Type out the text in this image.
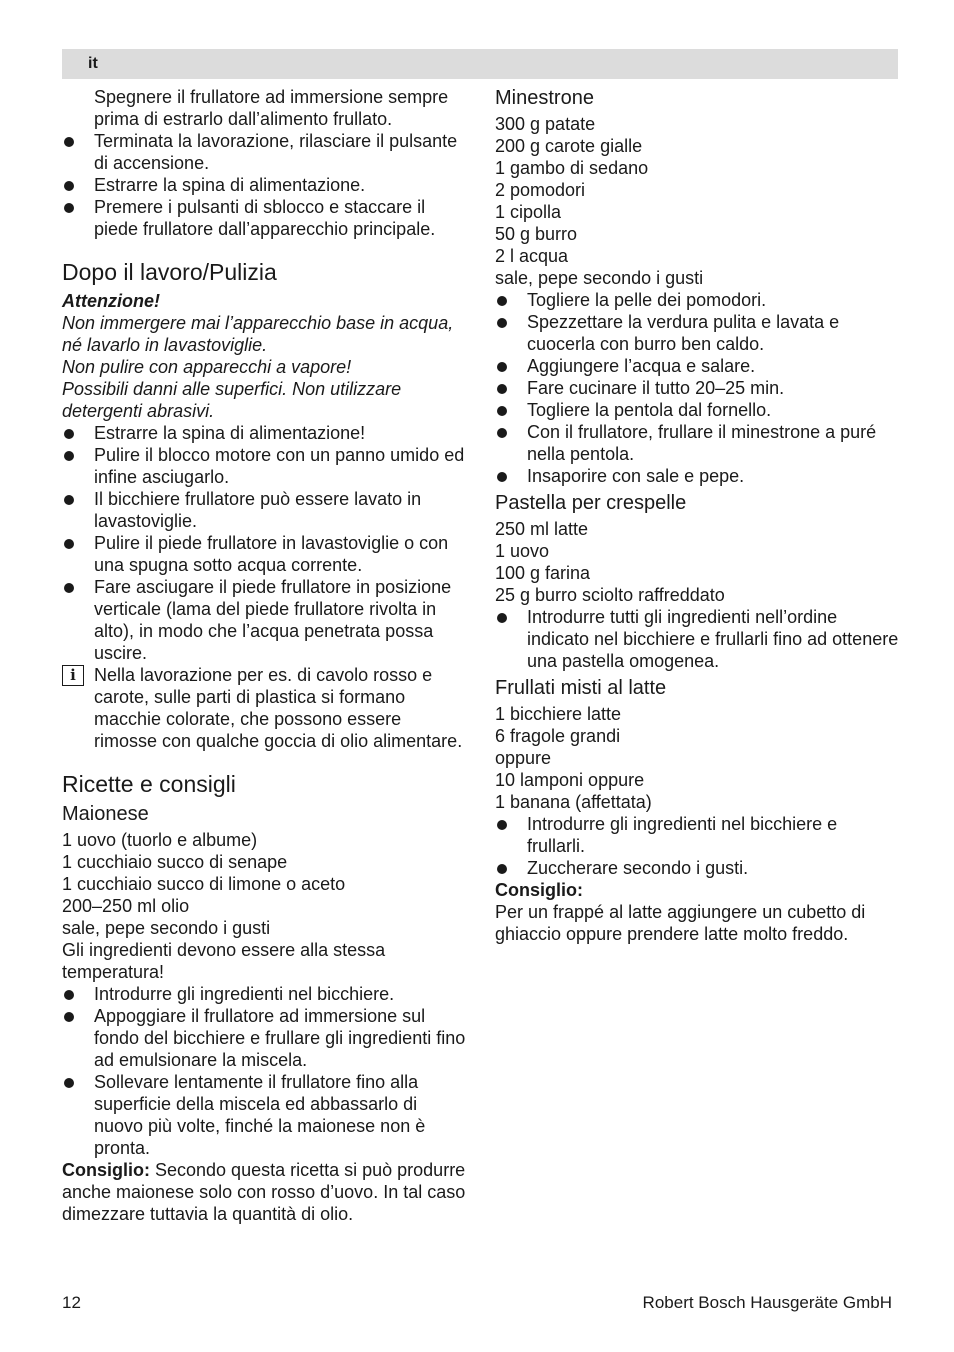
it

Spegnere il frullatore ad immersione sempre prima di estrarlo dall’alimento frullato.

Terminata la lavorazione, rilasciare il pulsante di accensione.
Estrarre la spina di alimentazione.
Premere i pulsanti di sblocco e staccare il piede frullatore dall’apparecchio principale.
Dopo il lavoro/Pulizia

Attenzione!

Non immergere mai l’apparecchio base in acqua, né lavarlo in lavastoviglie.

Non pulire con apparecchi a vapore!

Possibili danni alle superfici. Non utilizzare detergenti abrasivi.

Estrarre la spina di alimentazione!
Pulire il blocco motore con un panno umido ed infine asciugarlo.
Il bicchiere frullatore può essere lavato in lavastoviglie.
Pulire il piede frullatore in lavastoviglie o con una spugna sotto acqua corrente.
Fare asciugare il piede frullatore in posizione verticale (lama del piede frullatore rivolta in alto), in modo che l’acqua penetrata possa uscire.
i	Nella lavorazione per es. di cavolo rosso e carote, sulle parti di plastica si formano macchie colorate, che possono essere rimosse con qualche goccia di olio alimentare.
Ricette e consigli
Maionese

1 uovo (tuorlo e albume)

1 cucchiaio succo di senape

1 cucchiaio succo di limone o aceto

200–250 ml olio

sale, pepe secondo i gusti

Gli ingredienti devono essere alla stessa temperatura!

Introdurre gli ingredienti nel bicchiere.
Appoggiare il frullatore ad immersione sul fondo del bicchiere e frullare gli ingredienti fino ad emulsionare la miscela.
Sollevare lentamente il frullatore fino alla superficie della miscela ed abbassarlo di nuovo più volte, finché la maionese non è pronta.

Consiglio: Secondo questa ricetta si può produrre anche maionese solo con rosso d’uovo. In tal caso dimezzare tuttavia la quantità di olio.

Minestrone

300 g patate

200 g carote gialle

1 gambo di sedano

2 pomodori

1 cipolla

50 g burro

2 l acqua

sale, pepe secondo i gusti

Togliere la pelle dei pomodori.
Spezzettare la verdura pulita e lavata e cuocerla con burro ben caldo.
Aggiungere l’acqua e salare.
Fare cucinare il tutto 20–25 min.
Togliere la pentola dal fornello.
Con il frullatore, frullare il minestrone a puré nella pentola.
Insaporire con sale e pepe.
Pastella per crespelle

250 ml latte

1 uovo

100 g farina

25 g burro sciolto raffreddato

Introdurre tutti gli ingredienti nell’ordine indicato nel bicchiere e frullarli fino ad ottenere una pastella omogenea.
Frullati misti al latte

1 bicchiere latte

6 fragole grandi

oppure

10 lamponi oppure

1 banana (affettata)

Introdurre gli ingredienti nel bicchiere e frullarli.
Zuccherare secondo i gusti.

Consiglio:

Per un frappé al latte aggiungere un cubetto di ghiaccio oppure prendere latte molto freddo.

12	Robert Bosch Hausgeräte GmbH
